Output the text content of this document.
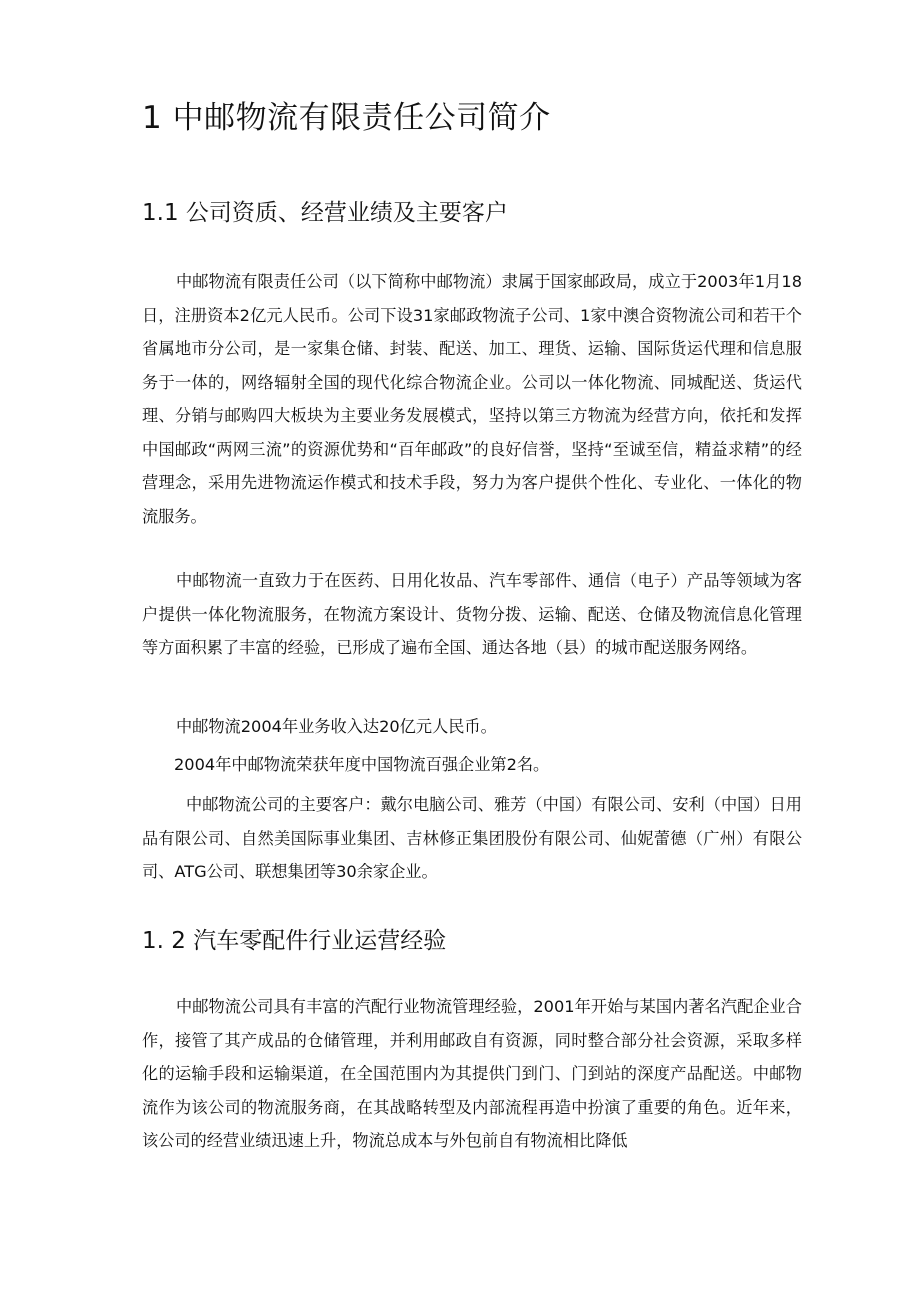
1 中邮物流有限责任公司简介
1.1 公司资质、经营业绩及主要客户

中邮物流有限责任公司（以下简称中邮物流）隶属于国家邮政局，成立于2003年1月18日，注册资本2亿元人民币。公司下设31家邮政物流子公司、1家中澳合资物流公司和若干个省属地市分公司，是一家集仓储、封装、配送、加工、理货、运输、国际货运代理和信息服务于一体的，网络辐射全国的现代化综合物流企业。公司以一体化物流、同城配送、货运代理、分销与邮购四大板块为主要业务发展模式，坚持以第三方物流为经营方向，依托和发挥中国邮政“两网三流”的资源优势和“百年邮政”的良好信誉，坚持“至诚至信，精益求精”的经营理念，采用先进物流运作模式和技术手段，努力为客户提供个性化、专业化、一体化的物流服务。

中邮物流一直致力于在医药、日用化妆品、汽车零部件、通信（电子）产品等领域为客户提供一体化物流服务，在物流方案设计、货物分拨、运输、配送、仓储及物流信息化管理等方面积累了丰富的经验，已形成了遍布全国、通达各地（县）的城市配送服务网络。

中邮物流2004年业务收入达20亿元人民币。

2004年中邮物流荣获年度中国物流百强企业第2名。

中邮物流公司的主要客户：戴尔电脑公司、雅芳（中国）有限公司、安利（中国）日用品有限公司、自然美国际事业集团、吉林修正集团股份有限公司、仙妮蕾德（广州）有限公司、ATG公司、联想集团等30余家企业。

1. 2 汽车零配件行业运营经验

中邮物流公司具有丰富的汽配行业物流管理经验，2001年开始与某国内著名汽配企业合作，接管了其产成品的仓储管理，并利用邮政自有资源，同时整合部分社会资源，采取多样化的运输手段和运输渠道，在全国范围内为其提供门到门、门到站的深度产品配送。中邮物流作为该公司的物流服务商，在其战略转型及内部流程再造中扮演了重要的角色。近年来，该公司的经营业绩迅速上升，物流总成本与外包前自有物流相比降低
